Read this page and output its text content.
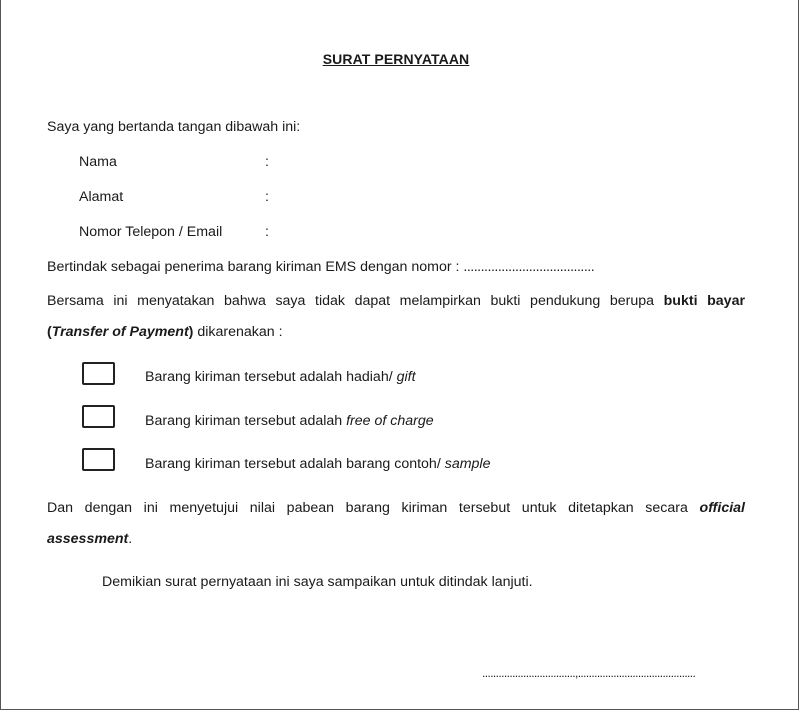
SURAT PERNYATAAN
Saya yang bertanda tangan dibawah ini:
Nama	:
Alamat	:
Nomor Telepon / Email	:
Bertindak sebagai penerima barang kiriman EMS dengan nomor : ......................................
Bersama ini menyatakan bahwa saya tidak dapat melampirkan bukti pendukung berupa bukti bayar
(Transfer of Payment) dikarenakan :
Barang kiriman tersebut adalah hadiah/ gift
Barang kiriman tersebut adalah free of charge
Barang kiriman tersebut adalah barang contoh/ sample
Dan dengan ini menyetujui nilai pabean barang kiriman tersebut untuk ditetapkan secara official
assessment.
Demikian surat pernyataan ini saya sampaikan untuk ditindak lanjuti.
..................................,...........................................
